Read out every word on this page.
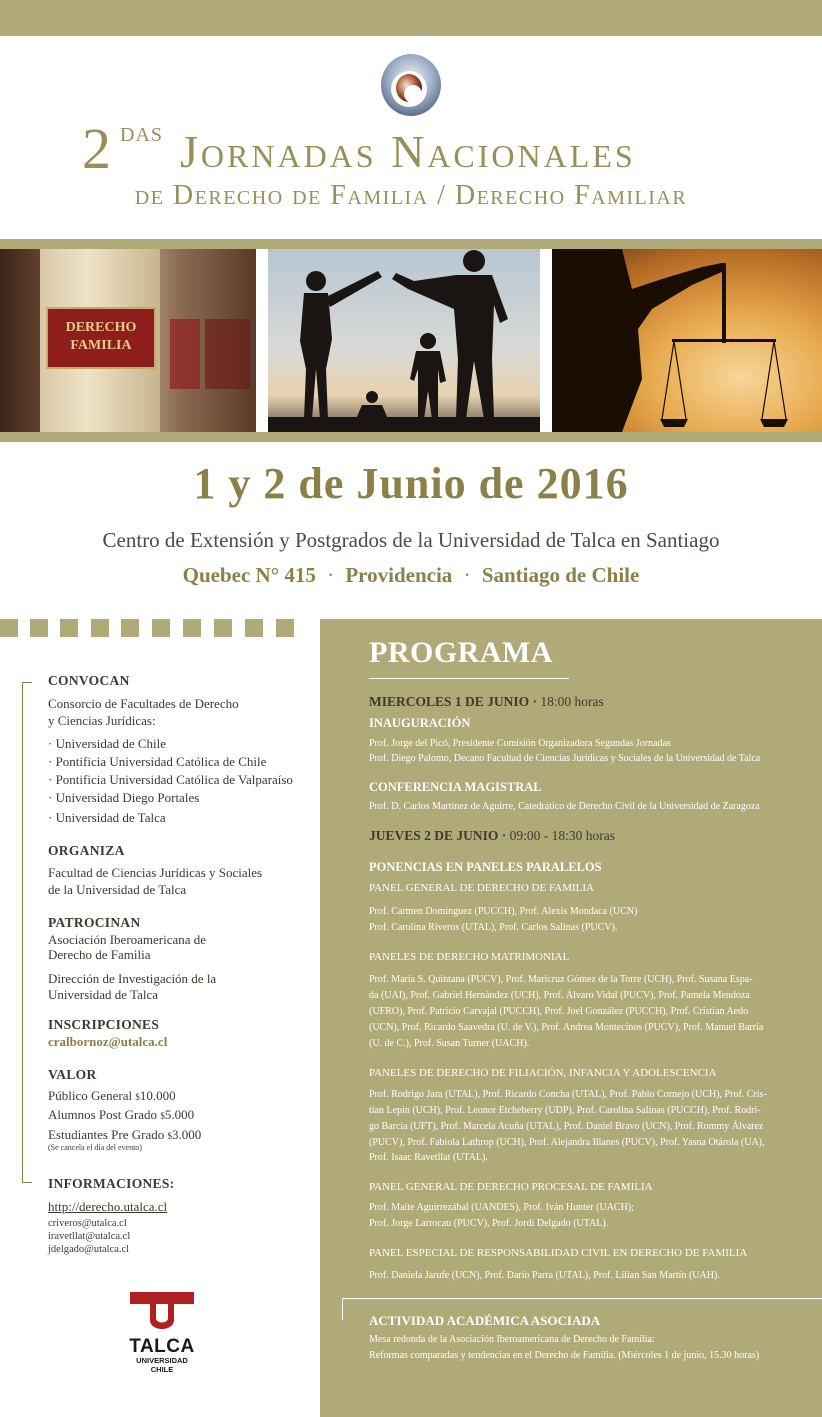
2 DAS Jornadas Nacionales
de Derecho de Familia / Derecho Familiar
DERECHO FAMILIA
1 y 2 de Junio de 2016
Centro de Extensión y Postgrados de la Universidad de Talca en Santiago
Quebec N° 415 · Providencia · Santiago de Chile
CONVOCAN
Consorcio de Facultades de Derecho
y Ciencias Jurídicas:
· Universidad de Chile
· Pontificia Universidad Católica de Chile
· Pontificia Universidad Católica de Valparaíso
· Universidad Diego Portales
· Universidad de Talca
ORGANIZA
Facultad de Ciencias Jurídicas y Sociales
de la Universidad de Talca
PATROCINAN
Asociación Iberoamericana de
Derecho de Familia
Dirección de Investigación de la
Universidad de Talca
INSCRIPCIONES
cralbornoz@utalca.cl
VALOR
Público General $10.000
Alumnos Post Grado $5.000
Estudiantes Pre Grado $3.000
(Se cancela el día del evento)
INFORMACIONES:
http://derecho.utalca.cl
criveros@utalca.cl
iravetllat@utalca.cl
jdelgado@utalca.cl
TALCA
UNIVERSIDAD
CHILE
PROGRAMA
MIERCOLES 1 DE JUNIO · 18:00 horas
INAUGURACIÓN
Prof. Jorge del Picó, Presidente Comisión Organizadora Segundas Jornadas
Prof. Diego Palomo, Decano Facultad de Ciencias Jurídicas y Sociales de la Universidad de Talca
CONFERENCIA MAGISTRAL
Prof. D. Carlos Martínez de Aguirre, Catedrático de Derecho Civil de la Universidad de Zaragoza
JUEVES 2 DE JUNIO · 09:00 - 18:30 horas
PONENCIAS EN PANELES PARALELOS
PANEL GENERAL DE DERECHO DE FAMILIA
Prof. Carmen Domínguez (PUCCH), Prof. Alexis Mondaca (UCN)
Prof. Carolina Riveros (UTAL), Prof. Carlos Salinas (PUCV).
PANELES DE DERECHO MATRIMONIAL
Prof. María S. Quintana (PUCV), Prof. Maricruz Gómez de la Torre (UCH), Prof. Susana Espa-
da (UAI), Prof. Gabriel Hernández (UCH), Prof. Álvaro Vidal (PUCV), Prof. Pamela Mendoza
(UFRO), Prof. Patricio Carvajal (PUCCH), Prof. Joel González (PUCCH), Prof. Cristian Aedo
(UCN), Prof. Ricardo Saavedra (U. de V.), Prof. Andrea Montecinos (PUCV), Prof. Manuel Barría
(U. de C.), Prof. Susan Turner (UACH).
PANELES DE DERECHO DE FILIACIÓN, INFANCIA Y ADOLESCENCIA
Prof. Rodrigo Jara (UTAL), Prof. Ricardo Concha (UTAL), Prof. Pablo Cornejo (UCH), Prof. Cris-
tian Lepin (UCH), Prof. Leonor Etcheberry (UDP), Prof. Carolina Salinas (PUCCH), Prof. Rodri-
go Barcia (UFT), Prof. Marcela Acuña (UTAL), Prof. Daniel Bravo (UCN), Prof. Rommy Álvarez
(PUCV), Prof. Fabiola Lathrop (UCH), Prof. Alejandra Illanes (PUCV), Prof. Yasna Otárola (UA),
Prof. Isaac Ravetllat (UTAL).
PANEL GENERAL DE DERECHO PROCESAL DE FAMILIA
Prof. Maite Aguirrezábal (UANDES), Prof. Iván Hunter (UACH);
Prof. Jorge Larrocau (PUCV), Prof. Jordi Delgado (UTAL).
PANEL ESPECIAL DE RESPONSABILIDAD CIVIL EN DERECHO DE FAMILIA
Prof. Daniela Jarufe (UCN), Prof. Darío Parra (UTAL), Prof. Lilian San Martín (UAH).
ACTIVIDAD ACADÉMICA ASOCIADA
Mesa redonda de la Asociación Iberoamericana de Derecho de Familia:
Reformas comparadas y tendencias en el Derecho de Familia. (Miércoles 1 de junio, 15.30 horas)
